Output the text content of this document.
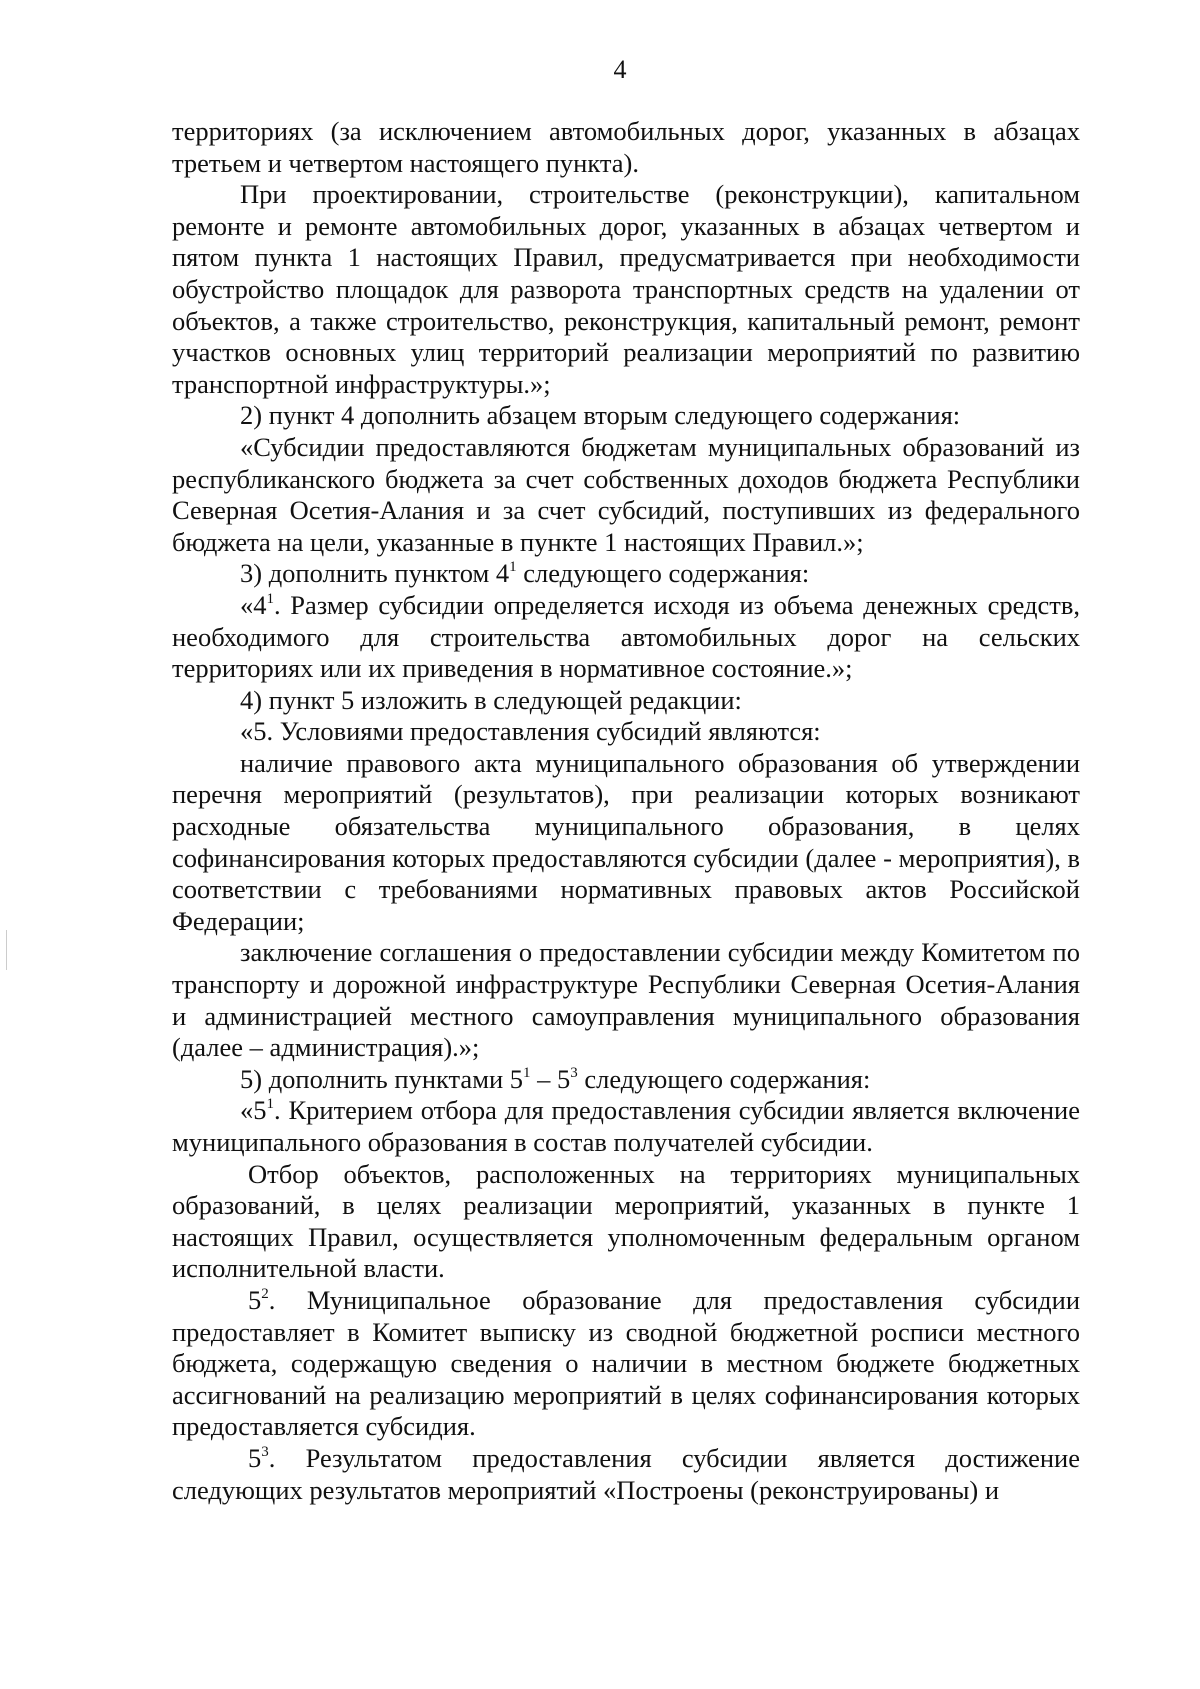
4

территориях (за исключением автомобильных дорог, указанных в абзацах третьем и четвертом настоящего пункта).

При проектировании, строительстве (реконструкции), капитальном ремонте и ремонте автомобильных дорог, указанных в абзацах четвертом и пятом пункта 1 настоящих Правил, предусматривается при необходимости обустройство площадок для разворота транспортных средств на удалении от объектов, а также строительство, реконструкция, капитальный ремонт, ремонт участков основных улиц территорий реализации мероприятий по развитию транспортной инфраструктуры.»;

2) пункт 4 дополнить абзацем вторым следующего содержания:

«Субсидии предоставляются бюджетам муниципальных образований из республиканского бюджета за счет собственных доходов бюджета Республики Северная Осетия-Алания и за счет субсидий, поступивших из федерального бюджета на цели, указанные в пункте 1 настоящих Правил.»;

3) дополнить пунктом $4^1$ следующего содержания:

«$4^1$. Размер субсидии определяется исходя из объема денежных средств, необходимого для строительства автомобильных дорог на сельских территориях или их приведения в нормативное состояние.»;

4) пункт 5 изложить в следующей редакции:

«5. Условиями предоставления субсидий являются:

наличие правового акта муниципального образования об утверждении перечня мероприятий (результатов), при реализации которых возникают расходные обязательства муниципального образования, в целях софинансирования которых предоставляются субсидии (далее - мероприятия), в соответствии с требованиями нормативных правовых актов Российской Федерации;

заключение соглашения о предоставлении субсидии между Комитетом по транспорту и дорожной инфраструктуре Республики Северная Осетия-Алания и администрацией местного самоуправления муниципального образования (далее – администрация).»;

5) дополнить пунктами $5^1 - 5^3$ следующего содержания:

«$5^1$. Критерием отбора для предоставления субсидии является включение муниципального образования в состав получателей субсидии.

Отбор объектов, расположенных на территориях муниципальных образований, в целях реализации мероприятий, указанных в пункте 1 настоящих Правил, осуществляется уполномоченным федеральным органом исполнительной власти.

$5^2$. Муниципальное образование для предоставления субсидии предоставляет в Комитет выписку из сводной бюджетной росписи местного бюджета, содержащую сведения о наличии в местном бюджете бюджетных ассигнований на реализацию мероприятий в целях софинансирования которых предоставляется субсидия.

$5^3$. Результатом предоставления субсидии является достижение следующих результатов мероприятий «Построены (реконструированы) и
